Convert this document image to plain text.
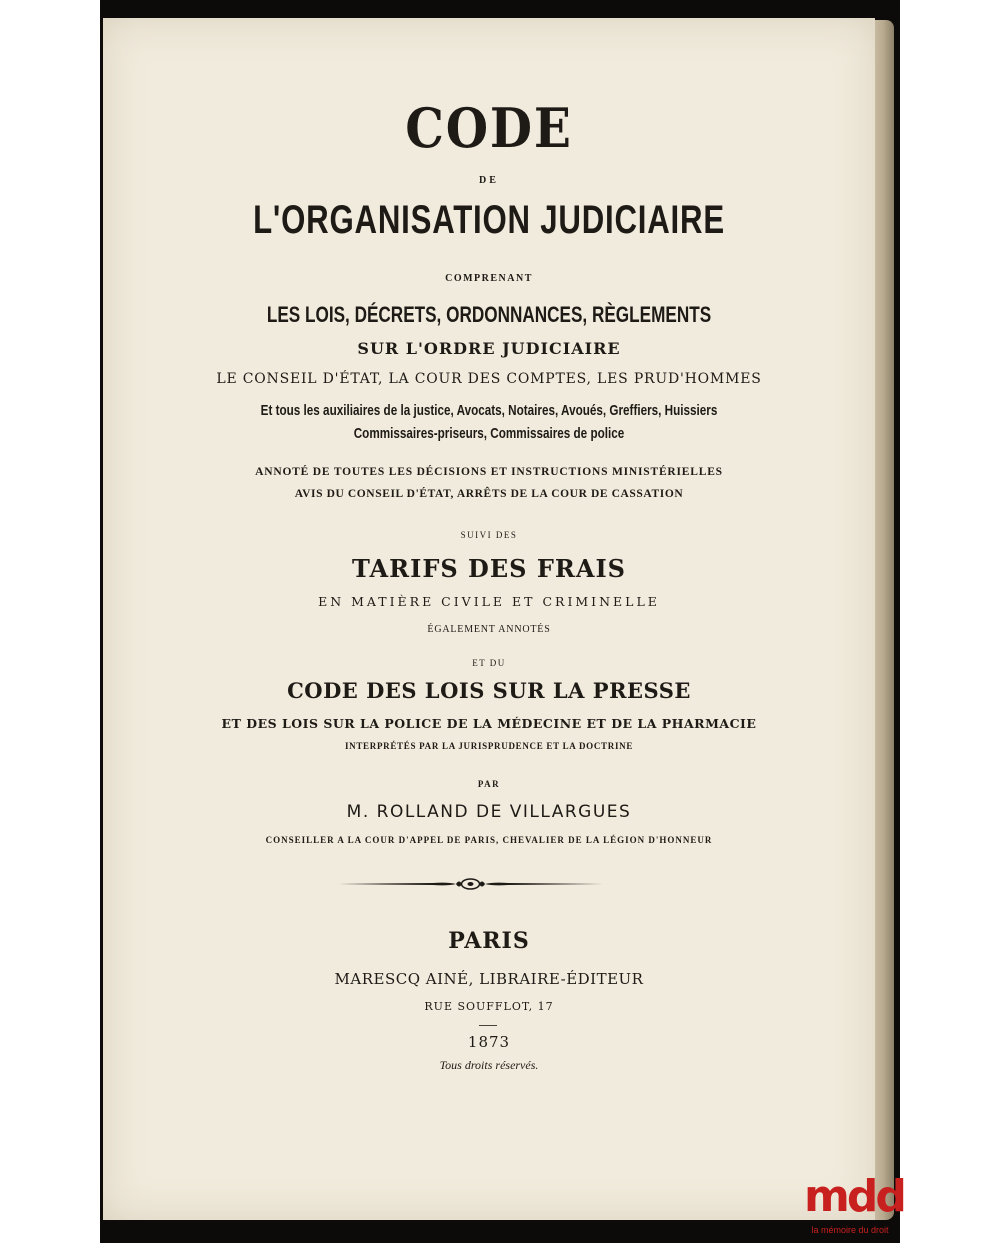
CODE

DE

L'ORGANISATION JUDICIAIRE

COMPRENANT

LES LOIS, DÉCRETS, ORDONNANCES, RÈGLEMENTS

SUR L'ORDRE JUDICIAIRE

LE CONSEIL D'ÉTAT, LA COUR DES COMPTES, LES PRUD'HOMMES

Et tous les auxiliaires de la justice, Avocats, Notaires, Avoués, Greffiers, Huissiers

Commissaires-priseurs, Commissaires de police

ANNOTÉ DE TOUTES LES DÉCISIONS ET INSTRUCTIONS MINISTÉRIELLES

AVIS DU CONSEIL D'ÉTAT, ARRÊTS DE LA COUR DE CASSATION

SUIVI DES

TARIFS DES FRAIS

EN MATIÈRE CIVILE ET CRIMINELLE

ÉGALEMENT ANNOTÉS

ET DU

CODE DES LOIS SUR LA PRESSE

ET DES LOIS SUR LA POLICE DE LA MÉDECINE ET DE LA PHARMACIE

INTERPRÉTÉS PAR LA JURISPRUDENCE ET LA DOCTRINE

PAR

M. ROLLAND DE VILLARGUES

CONSEILLER A LA COUR D'APPEL DE PARIS, CHEVALIER DE LA LÉGION D'HONNEUR

PARIS

MARESCQ AINÉ, LIBRAIRE-ÉDITEUR

RUE SOUFFLOT, 17

1873

Tous droits réservés.

mdd
la mémoire du droit
